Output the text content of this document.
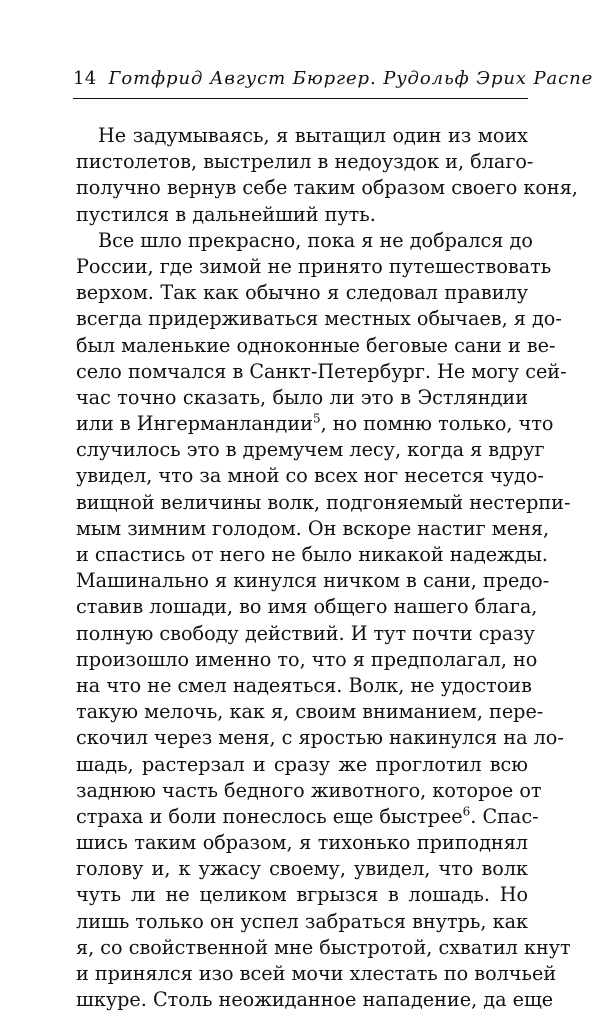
14 Готфрид Август Бюргер. Рудольф Эрих Распе
Не задумываясь, я вытащил один из моих
пистолетов, выстрелил в недоуздок и, благо-
получно вернув себе таким образом своего коня,
пустился в дальнейший путь.
Все шло прекрасно, пока я не добрался до
России, где зимой не принято путешествовать
верхом. Так как обычно я следовал правилу
всегда придерживаться местных обычаев, я до-
был маленькие одноконные беговые сани и ве-
село помчался в Санкт-Петербург. Не могу сей-
час точно сказать, было ли это в Эстляндии
или в Ингерманландии$^5$, но помню только, что
случилось это в дремучем лесу, когда я вдруг
увидел, что за мной со всех ног несется чудо-
вищной величины волк, подгоняемый нестерпи-
мым зимним голодом. Он вскоре настиг меня,
и спастись от него не было никакой надежды.
Машинально я кинулся ничком в сани, предо-
ставив лошади, во имя общего нашего блага,
полную свободу действий. И тут почти сразу
произошло именно то, что я предполагал, но
на что не смел надеяться. Волк, не удостоив
такую мелочь, как я, своим вниманием, пере-
скочил через меня, с яростью накинулся на ло-
шадь, растерзал и сразу же проглотил всю
заднюю часть бедного животного, которое от
страха и боли понеслось еще быстрее$^6$. Спас-
шись таким образом, я тихонько приподнял
голову и, к ужасу своему, увидел, что волк
чуть ли не целиком вгрызся в лошадь. Но
лишь только он успел забраться внутрь, как
я, со свойственной мне быстротой, схватил кнут
и принялся изо всей мочи хлестать по волчьей
шкуре. Столь неожиданное нападение, да еще
